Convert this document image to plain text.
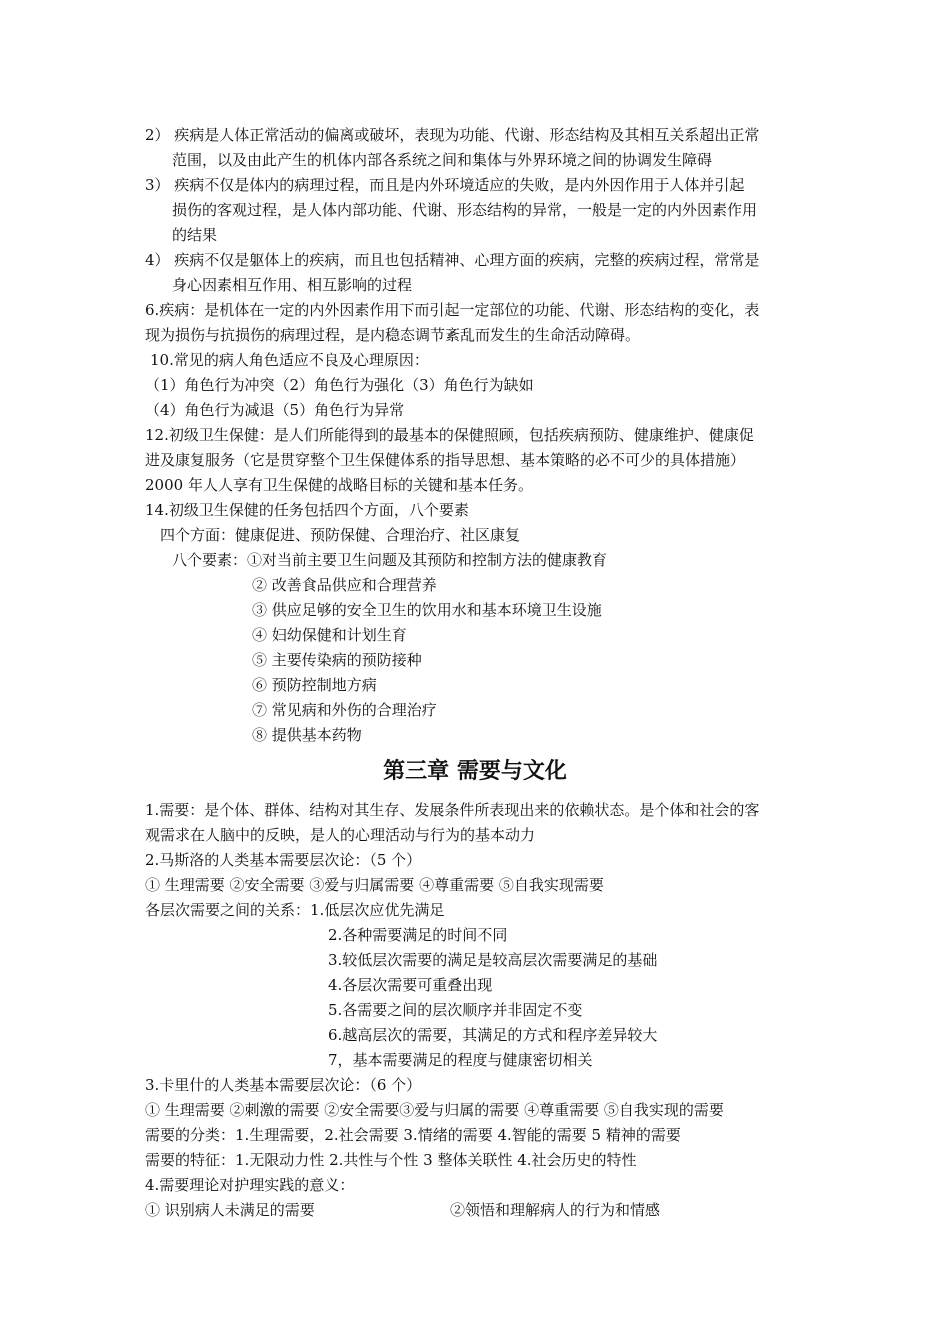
2） 疾病是人体正常活动的偏离或破坏，表现为功能、代谢、形态结构及其相互关系超出正常
范围，以及由此产生的机体内部各系统之间和集体与外界环境之间的协调发生障碍
3） 疾病不仅是体内的病理过程，而且是内外环境适应的失败，是内外因作用于人体并引起
损伤的客观过程，是人体内部功能、代谢、形态结构的异常，一般是一定的内外因素作用
的结果
4） 疾病不仅是躯体上的疾病，而且也包括精神、心理方面的疾病，完整的疾病过程，常常是
身心因素相互作用、相互影响的过程
6.疾病：是机体在一定的内外因素作用下而引起一定部位的功能、代谢、形态结构的变化，表
现为损伤与抗损伤的病理过程，是内稳态调节紊乱而发生的生命活动障碍。
10.常见的病人角色适应不良及心理原因：
（1）角色行为冲突（2）角色行为强化（3）角色行为缺如
（4）角色行为减退（5）角色行为异常
12.初级卫生保健：是人们所能得到的最基本的保健照顾，包括疾病预防、健康维护、健康促
进及康复服务（它是贯穿整个卫生保健体系的指导思想、基本策略的必不可少的具体措施）
2000 年人人享有卫生保健的战略目标的关键和基本任务。
14.初级卫生保健的任务包括四个方面，八个要素
四个方面：健康促进、预防保健、合理治疗、社区康复
八个要素：①对当前主要卫生问题及其预防和控制方法的健康教育
② 改善食品供应和合理营养
③ 供应足够的安全卫生的饮用水和基本环境卫生设施
④ 妇幼保健和计划生育
⑤ 主要传染病的预防接种
⑥ 预防控制地方病
⑦ 常见病和外伤的合理治疗
⑧ 提供基本药物
第三章 需要与文化
1.需要：是个体、群体、结构对其生存、发展条件所表现出来的依赖状态。是个体和社会的客
观需求在人脑中的反映，是人的心理活动与行为的基本动力
2.马斯洛的人类基本需要层次论：（5 个）
① 生理需要 ②安全需要 ③爱与归属需要 ④尊重需要 ⑤自我实现需要
各层次需要之间的关系：1.低层次应优先满足
2.各种需要满足的时间不同
3.较低层次需要的满足是较高层次需要满足的基础
4.各层次需要可重叠出现
5.各需要之间的层次顺序并非固定不变
6.越高层次的需要，其满足的方式和程序差异较大
7，基本需要满足的程度与健康密切相关
3.卡里什的人类基本需要层次论：（6 个）
① 生理需要 ②刺激的需要 ②安全需要③爱与归属的需要 ④尊重需要 ⑤自我实现的需要
需要的分类：1.生理需要，2.社会需要 3.情绪的需要 4.智能的需要 5 精神的需要
需要的特征：1.无限动力性 2.共性与个性 3 整体关联性 4.社会历史的特性
4.需要理论对护理实践的意义：
① 识别病人未满足的需要	②领悟和理解病人的行为和情感
